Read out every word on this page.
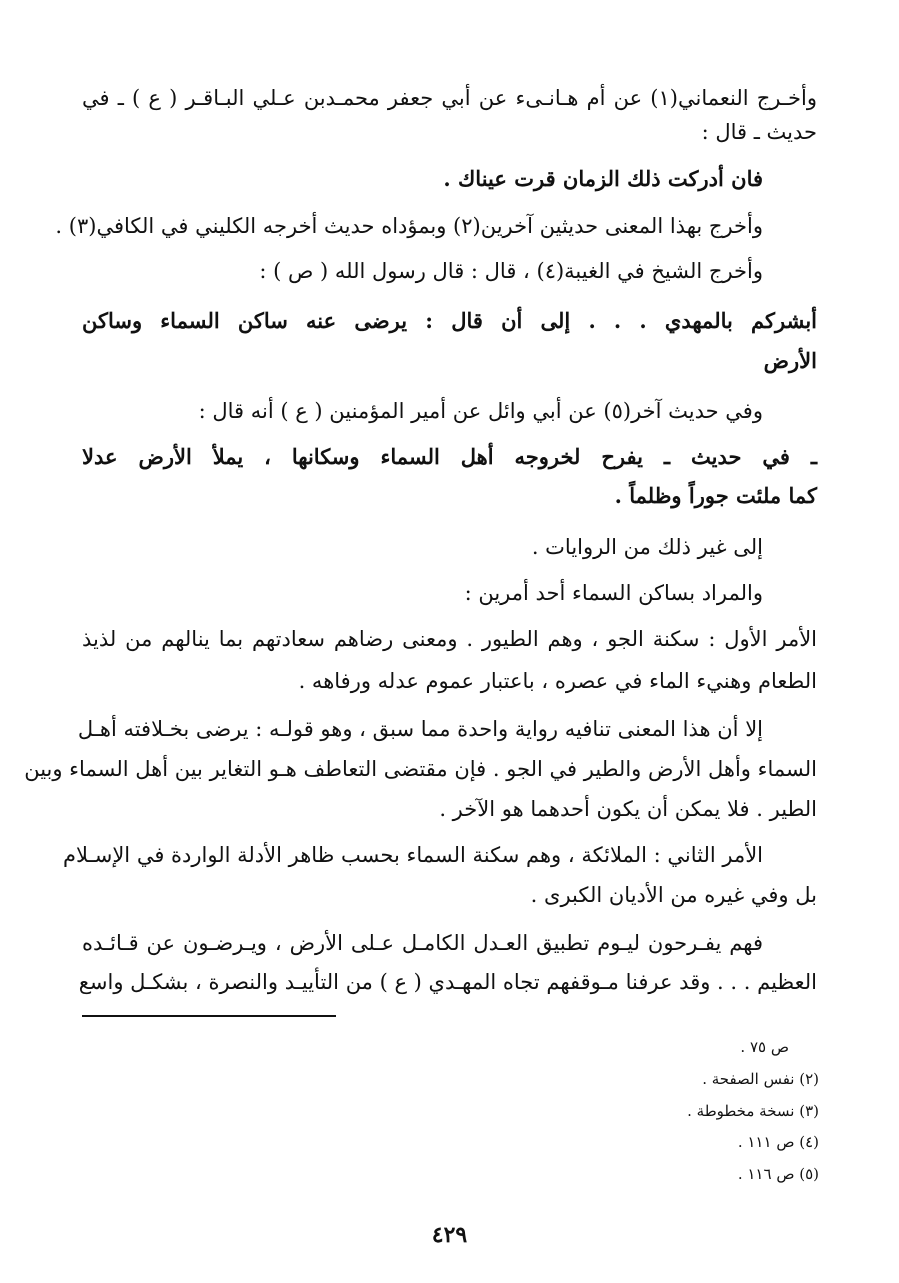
وأخـرج النعماني(١) عن أم هـانـىء عن أبي جعفر محمـدبن عـلي البـاقـر ( ع ) ـ في
حديث ـ قال :
فان أدركت ذلك الزمان قرت عيناك .
وأخرج بهذا المعنى حديثين آخرين(٢) وبمؤداه حديث أخرجه الكليني في الكافي(٣) .
وأخرج الشيخ في الغيبة(٤) ، قال : قال رسول الله ( ص ) :
أبشركم بالمهدي . . . إلى أن قال : يرضى عنه ساكن السماء وساكن
الأرض
وفي حديث آخر(٥) عن أبي وائل عن أمير المؤمنين ( ع ) أنه قال :
ـ في حديث ـ يفرح لخروجه أهل السماء وسكانها ، يملأ الأرض عدلا
كما ملئت جوراً وظلماً .
إلى غير ذلك من الروايات .
والمراد بساكن السماء أحد أمرين :
الأمر الأول : سكنة الجو ، وهم الطيور . ومعنى رضاهم سعادتهم بما ينالهم من لذيذ
الطعام وهنيء الماء في عصره ، باعتبار عموم عدله ورفاهه .
إلا أن هذا المعنى تنافيه رواية واحدة مما سبق ، وهو قولـه : يرضى بخـلافته أهـل
السماء وأهل الأرض والطير في الجو . فإن مقتضى التعاطف هـو التغاير بين أهل السماء وبين
الطير . فلا يمكن أن يكون أحدهما هو الآخر .
الأمر الثاني : الملائكة ، وهم سكنة السماء بحسب ظاهر الأدلة الواردة في الإسـلام
بل وفي غيره من الأديان الكبرى .
فهم يفـرحون ليـوم تطبيق العـدل الكامـل عـلى الأرض ، ويـرضـون عن قـائـده
العظيم . . . وقد عرفنا مـوقفهم تجاه المهـدي ( ع ) من التأييـد والنصرة ، بشكـل واسع
ص ٧٥ .
(٢) نفس الصفحة .
(٣) نسخة مخطوطة .
(٤) ص ١١١ .
(٥) ص ١١٦ .
٤٢٩
